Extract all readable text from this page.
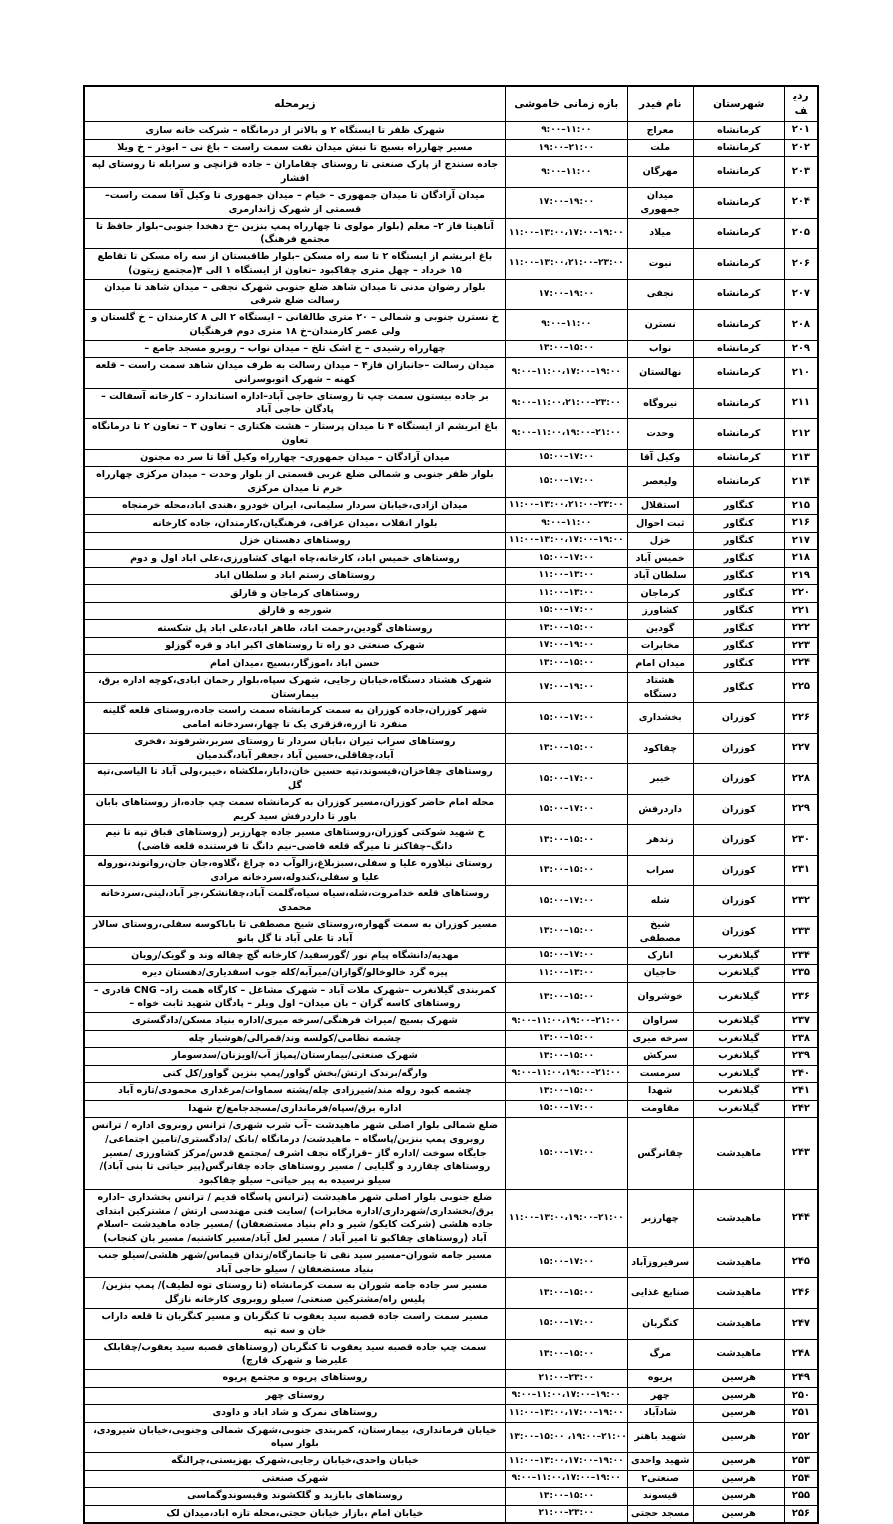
ردیف	شهرستان	نام فیدر	بازه زمانی خاموشی	زیرمحله
۲۰۱	کرمانشاه	معراج	۹:۰۰–۱۱:۰۰	شهرک ظفر تا ایستگاه ۲ و بالاتر از درمانگاه – شرکت خانه سازی
۲۰۲	کرمانشاه	ملت	۱۹:۰۰–۲۱:۰۰	مسیر چهارراه بسیج تا نبش میدان نفت سمت راست – باغ نی – ابوذر – خ ویلا
۲۰۳	کرمانشاه	مهرگان	۹:۰۰–۱۱:۰۰	جاده سنندج از پارک صنعتی تا روستای چقاماران – جاده قزانچی و سرابله تا روستای لپه افشار
۲۰۴	کرمانشاه	میدان جمهوری	۱۷:۰۰–۱۹:۰۰	میدان آزادگان تا میدان جمهوری – خیام – میدان جمهوری تا وکیل آقا سمت راست–قسمتی از شهرک ژاندارمری
۲۰۵	کرمانشاه	میلاد	۱۱:۰۰–۱۳:۰۰،۱۷:۰۰–۱۹:۰۰	آناهیتا فاز ۲– معلم (بلوار مولوی تا چهارراه پمپ بنزین –خ دهخدا جنوبی–بلوار حافظ تا مجتمع فرهنگ)
۲۰۶	کرمانشاه	نبوت	۱۱:۰۰–۱۳:۰۰،۲۱:۰۰–۲۳:۰۰	باغ ابریشم از ایستگاه ۲ تا سه راه مسکن –بلوار طاقبستان از سه راه مسکن تا تقاطع ۱۵ خرداد – چهل متری چقاکبود –تعاون از ایستگاه ۱ الی ۴(مجتمع زیتون)
۲۰۷	کرمانشاه	نجفی	۱۷:۰۰–۱۹:۰۰	بلوار رضوان مدنی تا میدان شاهد ضلع جنوبی شهرک نجفی – میدان شاهد تا میدان رسالت ضلع شرقی
۲۰۸	کرمانشاه	نسترن	۹:۰۰–۱۱:۰۰	خ نسترن جنوبی و شمالی – ۲۰ متری طالقانی – ایستگاه ۲ الی ۸ کارمندان – خ گلستان و ولی عصر کارمندان–خ ۱۸ متری دوم فرهنگیان
۲۰۹	کرمانشاه	نواب	۱۳:۰۰–۱۵:۰۰	چهارراه رشیدی – خ اشک تلخ – میدان نواب – روبرو مسجد جامع –
۲۱۰	کرمانشاه	نهالستان	۹:۰۰–۱۱:۰۰،۱۷:۰۰–۱۹:۰۰	میدان رسالت –جانبازان فاز۴ – میدان رسالت به طرف میدان شاهد سمت راست – قلعه کهنه – شهرک اتوبوسرانی
۲۱۱	کرمانشاه	نیروگاه	۹:۰۰–۱۱:۰۰،۲۱:۰۰–۲۳:۰۰	بر جاده بیستون سمت چپ تا روستای حاجی آباد–اداره استاندارد – کارخانه آسفالت – پادگان حاجی آباد
۲۱۲	کرمانشاه	وحدت	۹:۰۰–۱۱:۰۰،۱۹:۰۰–۲۱:۰۰	باغ ابریشم از ایستگاه ۴ تا میدان پرستار – هشت هکتاری – تعاون ۳ – تعاون ۲ تا درمانگاه تعاون
۲۱۳	کرمانشاه	وکیل آقا	۱۵:۰۰–۱۷:۰۰	میدان آزادگان – میدان جمهوری– چهارراه وکیل آقا تا سر ده مجنون
۲۱۴	کرمانشاه	ولیعصر	۱۵:۰۰–۱۷:۰۰	بلوار ظفر جنوبی و شمالی ضلع غربی قسمتی از بلوار وحدت – میدان مرکزی چهارراه خرم تا میدان مرکزی
۲۱۵	کنگاور	استقلال	۱۱:۰۰–۱۳:۰۰،۲۱:۰۰–۲۳:۰۰	میدان ازادی،خیابان سردار سلیمانی، ایران خودرو ،هندی اباد،محله خرمنجاه
۲۱۶	کنگاور	ثبت احوال	۹:۰۰–۱۱:۰۰	بلوار انقلاب ،میدان عراقی، فرهنگیان،کارمندان، جاده کارخانه
۲۱۷	کنگاور	خزل	۱۱:۰۰–۱۳:۰۰،۱۷:۰۰–۱۹:۰۰	روستاهای دهستان خزل
۲۱۸	کنگاور	خمیس آباد	۱۵:۰۰–۱۷:۰۰	روستاهای خمیس اباد، کارخانه،چاه ابهای کشاورزی،علی اباد اول و دوم
۲۱۹	کنگاور	سلطان آباد	۱۱:۰۰–۱۳:۰۰	روستاهای رستم اباد و سلطان اباد
۲۲۰	کنگاور	کرماجان	۱۱:۰۰–۱۳:۰۰	روستاهای کرماجان و قارلق
۲۲۱	کنگاور	کشاورز	۱۵:۰۰–۱۷:۰۰	شورجه و قارلق
۲۲۲	کنگاور	گودین	۱۳:۰۰–۱۵:۰۰	روستاهای گودین،رحمت اباد، طاهر اباد،علی اباد پل شکسته
۲۲۳	کنگاور	مخابرات	۱۷:۰۰–۱۹:۰۰	شهرک صنعتی دو راه تا روستاهای اکبر اباد و قره گوزلو
۲۲۴	کنگاور	میدان امام	۱۳:۰۰–۱۵:۰۰	حسن اباد ،اموزگار،بسیج ،میدان امام
۲۲۵	کنگاور	هشتاد دستگاه	۱۷:۰۰–۱۹:۰۰	شهرک هشتاد دستگاه،خیابان رجایی، شهرک سپاه،بلوار رحمان ابادی،کوچه اداره برق، بیمارستان
۲۲۶	کوزران	بخشداری	۱۵:۰۰–۱۷:۰۰	شهر کوزران،جاده کوزران به سمت کرمانشاه سمت راست جاده،روستای قلعه گلینه منفرد تا ازره،قزقری یک تا چهار،سردخانه امامی
۲۲۷	کوزران	چقاکود	۱۳:۰۰–۱۵:۰۰	روستاهای سراب تیران ،بابان سردار تا روستای سربر،شرفوند ،فخری آباد،چقاقلی،حسین آباد ،جعفر آباد،گندمیان
۲۲۸	کوزران	خیبر	۱۵:۰۰–۱۷:۰۰	روستاهای چقاخزان،قیسوند،تپه حسین خان،دابار،ملکشاه ،خیبر،ولی آباد تا الیاسی،تپه گل
۲۲۹	کوزران	داردرفش	۱۵:۰۰–۱۷:۰۰	محله امام حاضر کوزران،مسیر کوزران به کرمانشاه سمت چپ جاده،از روستاهای بابان باور تا داردرفش سید کریم
۲۳۰	کوزران	زندهر	۱۳:۰۰–۱۵:۰۰	خ شهید شوکتی کوزران،روستاهای مسیر جاده چهارزبر (روستاهای قباق تپه تا نیم دانگ–چقاکنز تا میرگه قلعه قاضی–نیم دانگ تا فرستنده قلعه قاضی)
۲۳۱	کوزران	سراب	۱۳:۰۰–۱۵:۰۰	روستای نیلاوره علیا و سفلی،سبزبلاغ،زالوآب ده چراغ ،گلاوه،جان جان،روانوند،نوروله علیا و سفلی،کندوله،سردخانه مرادی
۲۳۲	کوزران	شله	۱۵:۰۰–۱۷:۰۰	روستاهای قلعه خدامروت،شله،سیاه سیاه،گلمت آباد،چقانشکر،جر آباد،لینی،سردخانه محمدی
۲۳۳	کوزران	شیخ مصطفی	۱۳:۰۰–۱۵:۰۰	مسیر کوزران به سمت گهواره،روستای شیخ مصطفی تا باباکوسه سفلی،روستای سالار آباد تا علی آباد تا گل بانو
۲۳۴	گیلانغرب	انارک	۱۵:۰۰–۱۷:۰۰	مهدیه/دانشگاه پیام نور /گورسفید/ کارخانه گچ چقاله وند و گویک/رویان
۲۳۵	گیلانغرب	حاجیان	۱۱:۰۰–۱۳:۰۰	پیره گرد خالوخالو/گوازان/میرآبه/کله جوب اسفدیاری/دهستان دیره
۲۳۶	گیلانغرب	خوشروان	۱۳:۰۰–۱۵:۰۰	کمربندی گیلانغرب –شهرک ملات آباد – شهرک مشاغل – کارگاه همت زاد– CNG قادری – روستاهای کاسه گران – بان میدان– اول ویلر – پادگان شهید ثابت خواه –
۲۳۷	گیلانغرب	سراوان	۹:۰۰–۱۱:۰۰،۱۹:۰۰–۲۱:۰۰	شهرک بسیج /میراث فرهنگی/سرخه میری/اداره بنیاد مسکن/دادگستری
۲۳۸	گیلانغرب	سرخه میری	۱۳:۰۰–۱۵:۰۰	چشمه نظامی/کولسه وند/قمرالی/هوشیار چله
۲۳۹	گیلانغرب	سرکش	۱۳:۰۰–۱۵:۰۰	شهرک صنعتی/بیمارستان/پمپاژ آب/اویزنان/سدسومار
۲۴۰	گیلانغرب	سرمست	۹:۰۰–۱۱:۰۰،۱۹:۰۰–۲۱:۰۰	وارگه/برندک ارتش/بخش گواور/پمپ بنزین گواور/کل کنی
۲۴۱	گیلانغرب	شهدا	۱۳:۰۰–۱۵:۰۰	چشمه کبود روله مند/شیرزادی چله/پشته سماوات/مرغداری محمودی/تازه آباد
۲۴۲	گیلانغرب	مقاومت	۱۵:۰۰–۱۷:۰۰	اداره برق/سپاه/فرمانداری/مسجدجامع/خ شهدا
۲۴۳	ماهیدشت	چقانرگس	۱۵:۰۰–۱۷:۰۰	ضلع شمالی بلوار اصلی شهر ماهیدشت –آب شرب شهری/ ترانس روبروی اداره / ترانس روبروی پمپ بنزین/پاسگاه – ماهیدشت/ درمانگاه /بانک /دادگستری/تامین اجتماعی/جایگاه سوخت /اداره گاز –قرارگاه نجف اشرف /مجتمع قدس/مرکز کشاورزی /مسیر روستاهای چقازرد و گلیایی / مسیر روستاهای جاده چقانرگس(پیر حیاتی تا بنی آباد)/سیلو نرسیده به پیر حیاتی– سیلو چقاکبود
۲۴۴	ماهیدشت	چهارزبر	۱۱:۰۰–۱۳:۰۰،۱۹:۰۰–۲۱:۰۰	ضلع جنوبی بلوار اصلی شهر ماهیدشت (ترانس پاسگاه قدیم / ترانس بخشداری –اداره برق/بخشداری/شهرداری/اداره مخابرات) /سایت فنی مهندسی ارتش / مشترکین ابتدای جاده هلشی (شرکت کایکو/ شیر و دام بنیاد مستضعفان) /مسیر جاده ماهیدشت –اسلام آباد (روستاهای چقاکبو تا امیر آباد / مسیر لعل آباد/مسیر کاشنبه/ مسیر بان کنجاب)
۲۴۵	ماهیدشت	سرفیروزآباد	۱۵:۰۰–۱۷:۰۰	مسیر جامه شوران–مسیر سید نقی تا جانمازگاه/زندان قیماس/شهر هلشی/سیلو جنب بنیاد مستضعفان / سیلو حاجی آباد
۲۴۶	ماهیدشت	صنایع غذایی	۱۳:۰۰–۱۵:۰۰	مسیر سر جاده جامه شوران به سمت کرمانشاه (تا روستای توه لطیف)/ پمپ بنزین/ پلیس راه/مشترکین صنعتی/ سیلو روبروی کارخانه نازگل
۲۴۷	ماهیدشت	کنگربان	۱۵:۰۰–۱۷:۰۰	مسیر سمت راست جاده قصبه سید یعقوب تا کنگربان و مسیر کنگربان تا قلعه داراب خان و سه تپه
۲۴۸	ماهیدشت	مرگ	۱۳:۰۰–۱۵:۰۰	سمت چپ جاده قصبه سید یعقوب تا کنگربان (روستاهای قصبه سید یعقوب/چقابلک علیرضا و شهرک قارچ)
۲۴۹	هرسین	پریوه	۲۱:۰۰–۲۳:۰۰	روستاهای پریوه و مجتمع پریوه
۲۵۰	هرسین	چهر	۹:۰۰–۱۱:۰۰،۱۷:۰۰–۱۹:۰۰	روستای چهر
۲۵۱	هرسین	شادآباد	۱۱:۰۰–۱۳:۰۰،۱۷:۰۰–۱۹:۰۰	روستاهای نمرک و شاد اباد و داودی
۲۵۲	هرسین	شهید باهنر	۱۳:۰۰–۱۵:۰۰ ،۱۹:۰۰–۲۱:۰۰	خیابان فرمانداری، بیمارستان، کمربندی جنوبی،شهرک شمالی وجنوبی،خیابان شیرودی، بلوار سپاه
۲۵۳	هرسین	شهید واحدی	۱۱:۰۰–۱۳:۰۰،۱۷:۰۰–۱۹:۰۰	خیابان واحدی،خیابان رجایی،شهرک بهزیستی،چرالنگه
۲۵۴	هرسین	صنعتی۲	۹:۰۰–۱۱:۰۰،۱۷:۰۰–۱۹:۰۰	شهرک صنعتی
۲۵۵	هرسین	قیسوند	۱۳:۰۰–۱۵:۰۰	روستاهای بابازید و گلکشوند وقیسوندوگماسی
۲۵۶	هرسین	مسجد حجتی	۲۱:۰۰–۲۳:۰۰	خیابان امام ،بازار خیابان حجتی،محله تازه اباد،میدان لک
